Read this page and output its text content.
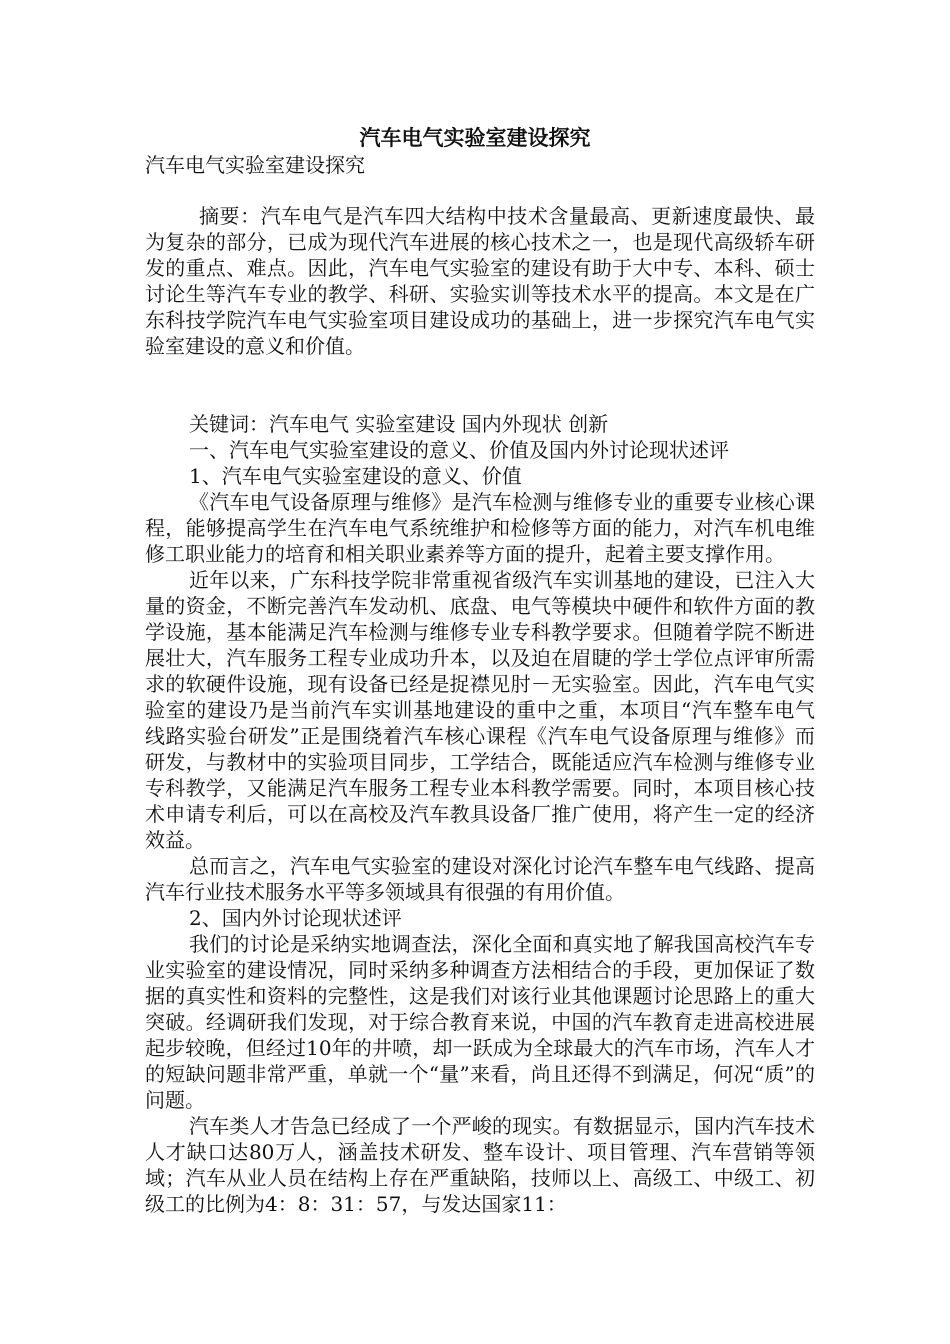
汽车电气实验室建设探究

汽车电气实验室建设探究

摘要：汽车电气是汽车四大结构中技术含量最高、更新速度最快、最为复杂的部分，已成为现代汽车进展的核心技术之一，也是现代高级轿车研发的重点、难点。因此，汽车电气实验室的建设有助于大中专、本科、硕士讨论生等汽车专业的教学、科研、实验实训等技术水平的提高。本文是在广东科技学院汽车电气实验室项目建设成功的基础上，进一步探究汽车电气实验室建设的意义和价值。

关键词：汽车电气 实验室建设 国内外现状 创新

一、汽车电气实验室建设的意义、价值及国内外讨论现状述评

1、汽车电气实验室建设的意义、价值

《汽车电气设备原理与维修》是汽车检测与维修专业的重要专业核心课程，能够提高学生在汽车电气系统维护和检修等方面的能力，对汽车机电维修工职业能力的培育和相关职业素养等方面的提升，起着主要支撑作用。

近年以来，广东科技学院非常重视省级汽车实训基地的建设，已注入大量的资金，不断完善汽车发动机、底盘、电气等模块中硬件和软件方面的教学设施，基本能满足汽车检测与维修专业专科教学要求。但随着学院不断进展壮大，汽车服务工程专业成功升本，以及迫在眉睫的学士学位点评审所需求的软硬件设施，现有设备已经是捉襟见肘－无实验室。因此，汽车电气实验室的建设乃是当前汽车实训基地建设的重中之重，本项目“汽车整车电气线路实验台研发”正是围绕着汽车核心课程《汽车电气设备原理与维修》而研发，与教材中的实验项目同步，工学结合，既能适应汽车检测与维修专业专科教学，又能满足汽车服务工程专业本科教学需要。同时，本项目核心技术申请专利后，可以在高校及汽车教具设备厂推广使用，将产生一定的经济效益。

总而言之，汽车电气实验室的建设对深化讨论汽车整车电气线路、提高汽车行业技术服务水平等多领域具有很强的有用价值。

2、国内外讨论现状述评

我们的讨论是采纳实地调查法，深化全面和真实地了解我国高校汽车专业实验室的建设情况，同时采纳多种调查方法相结合的手段，更加保证了数据的真实性和资料的完整性，这是我们对该行业其他课题讨论思路上的重大突破。经调研我们发现，对于综合教育来说，中国的汽车教育走进高校进展起步较晚，但经过10年的井喷，却一跃成为全球最大的汽车市场，汽车人才的短缺问题非常严重，单就一个“量”来看，尚且还得不到满足，何况“质”的问题。

汽车类人才告急已经成了一个严峻的现实。有数据显示，国内汽车技术人才缺口达80万人，涵盖技术研发、整车设计、项目管理、汽车营销等领域；汽车从业人员在结构上存在严重缺陷，技师以上、高级工、中级工、初级工的比例为4：8：31：57，与发达国家11：
